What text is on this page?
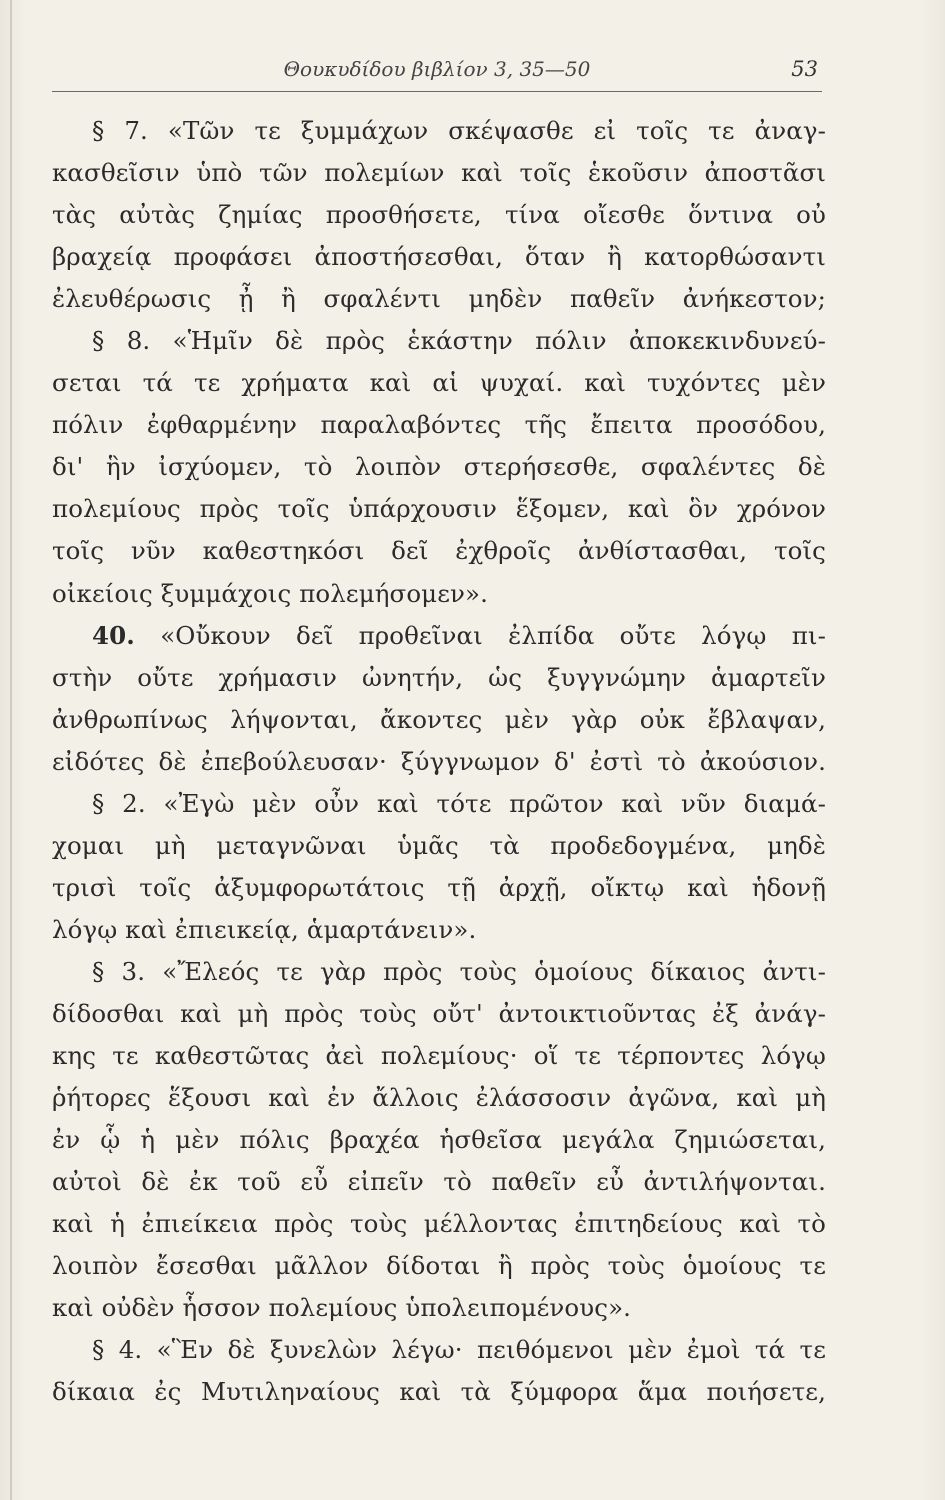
Θουκυδίδου βιβλίον 3, 35—50	53
§ 7. «Τῶν τε ξυμμάχων σκέψασθε εἰ τοῖς τε ἀναγ-
κασθεῖσιν ὑπὸ τῶν πολεμίων καὶ τοῖς ἑκοῦσιν ἀποστᾶσι
τὰς αὐτὰς ζημίας προσθήσετε, τίνα οἴεσθε ὅντινα οὐ
βραχείᾳ προφάσει ἀποστήσεσθαι, ὅταν ἢ κατορθώσαντι
ἐλευθέρωσις ᾖ ἢ σφαλέντι μηδὲν παθεῖν ἀνήκεστον;
§ 8. «Ἡμῖν δὲ πρὸς ἑκάστην πόλιν ἀποκεκινδυνεύ-
σεται τά τε χρήματα καὶ αἱ ψυχαί. καὶ τυχόντες μὲν
πόλιν ἐφθαρμένην παραλαβόντες τῆς ἔπειτα προσόδου,
δι' ἣν ἰσχύομεν, τὸ λοιπὸν στερήσεσθε, σφαλέντες δὲ
πολεμίους πρὸς τοῖς ὑπάρχουσιν ἕξομεν, καὶ ὃν χρόνον
τοῖς νῦν καθεστηκόσι δεῖ ἐχθροῖς ἀνθίστασθαι, τοῖς
οἰκείοις ξυμμάχοις πολεμήσομεν».
40. «Οὔκουν δεῖ προθεῖναι ἐλπίδα οὔτε λόγῳ πι-
στὴν οὔτε χρήμασιν ὠνητήν, ὡς ξυγγνώμην ἁμαρτεῖν
ἀνθρωπίνως λήψονται, ἄκοντες μὲν γὰρ οὐκ ἔβλαψαν,
εἰδότες δὲ ἐπεβούλευσαν· ξύγγνωμον δ' ἐστὶ τὸ ἀκούσιον.
§ 2. «Ἐγὼ μὲν οὖν καὶ τότε πρῶτον καὶ νῦν διαμά-
χομαι μὴ μεταγνῶναι ὑμᾶς τὰ προδεδογμένα, μηδὲ
τρισὶ τοῖς ἀξυμφορωτάτοις τῇ ἀρχῇ, οἴκτῳ καὶ ἡδονῇ
λόγῳ καὶ ἐπιεικείᾳ, ἁμαρτάνειν».
§ 3. «Ἔλεός τε γὰρ πρὸς τοὺς ὁμοίους δίκαιος ἀντι-
δίδοσθαι καὶ μὴ πρὸς τοὺς οὔτ' ἀντοικτιοῦντας ἐξ ἀνάγ-
κης τε καθεστῶτας ἀεὶ πολεμίους· οἵ τε τέρποντες λόγῳ
ῥήτορες ἕξουσι καὶ ἐν ἄλλοις ἐλάσσοσιν ἀγῶνα, καὶ μὴ
ἐν ᾧ ἡ μὲν πόλις βραχέα ἡσθεῖσα μεγάλα ζημιώσεται,
αὐτοὶ δὲ ἐκ τοῦ εὖ εἰπεῖν τὸ παθεῖν εὖ ἀντιλήψονται.
καὶ ἡ ἐπιείκεια πρὸς τοὺς μέλλοντας ἐπιτηδείους καὶ τὸ
λοιπὸν ἔσεσθαι μᾶλλον δίδοται ἢ πρὸς τοὺς ὁμοίους τε
καὶ οὐδὲν ἧσσον πολεμίους ὑπολειπομένους».
§ 4. «Ἓν δὲ ξυνελὼν λέγω· πειθόμενοι μὲν ἐμοὶ τά τε
δίκαια ἐς Μυτιληναίους καὶ τὰ ξύμφορα ἅμα ποιήσετε,
